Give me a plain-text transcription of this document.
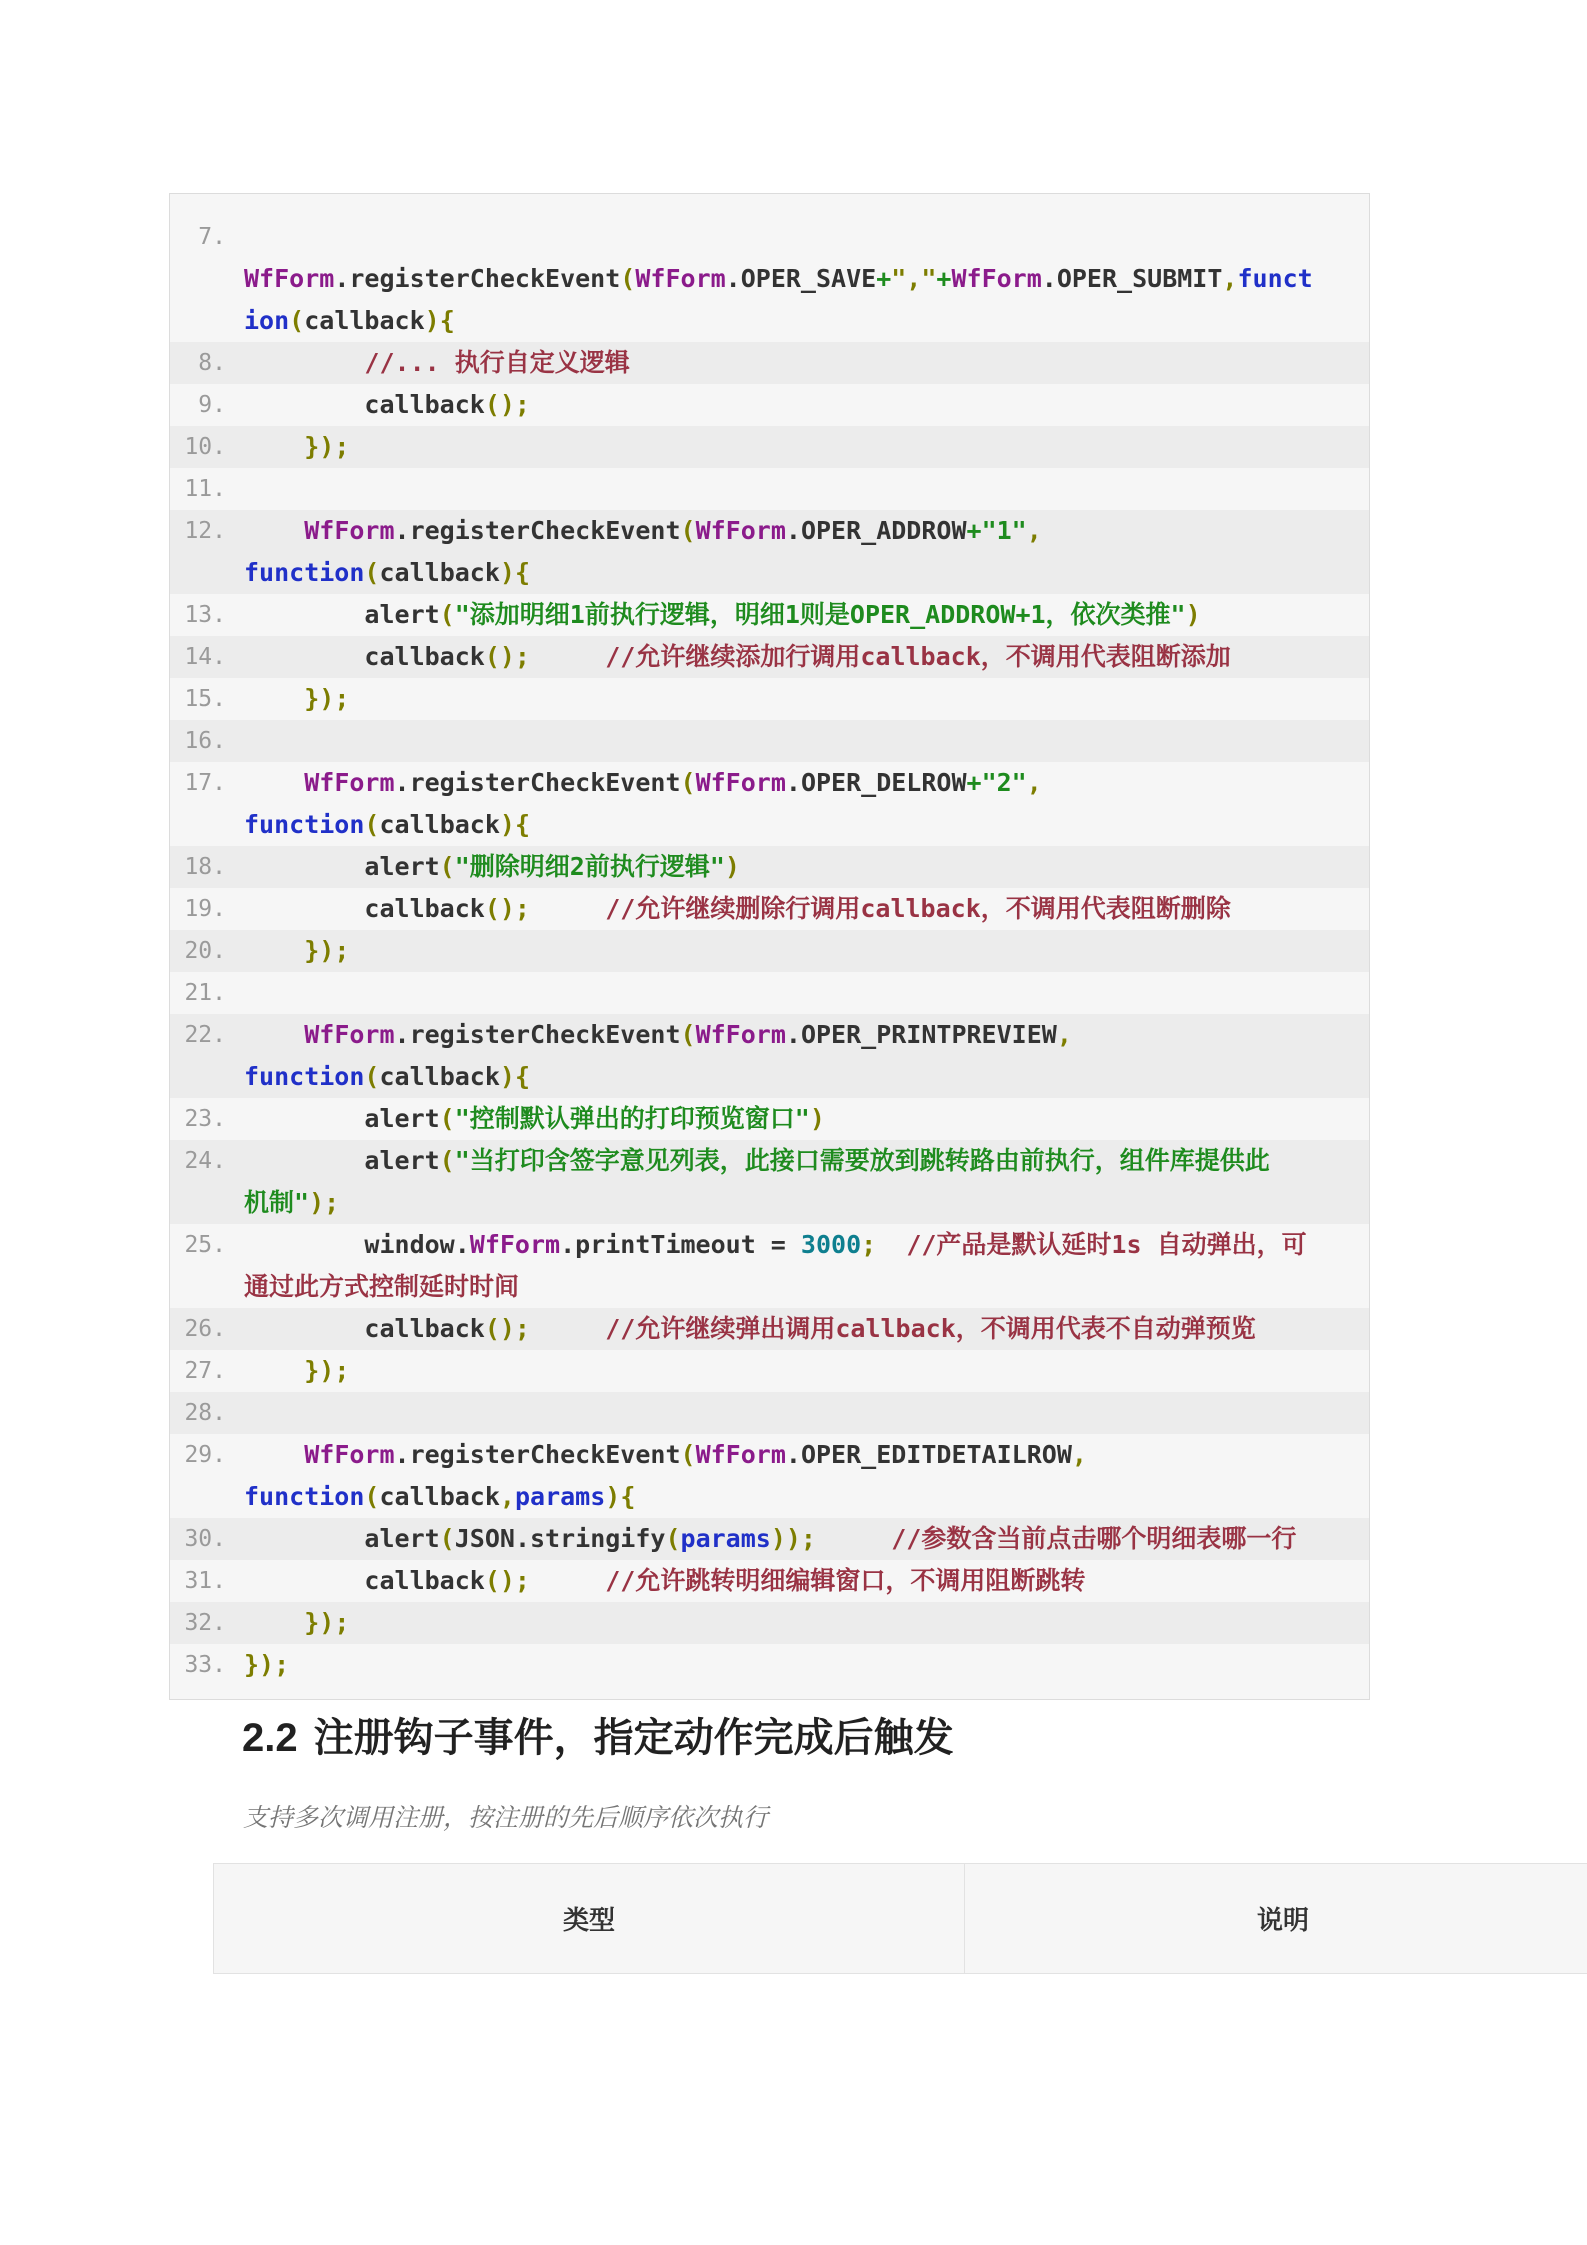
7.
WfForm.registerCheckEvent(WfForm.OPER_SAVE+","+WfForm.OPER_SUBMIT,funct
ion(callback){
8.	//... 执行自定义逻辑
9. callback();
10.	});
11.
12.	WfForm.registerCheckEvent(WfForm.OPER_ADDROW+"1",
function(callback){
13. alert("添加明细1前执行逻辑，明细1则是OPER_ADDROW+1，依次类推")
14. callback();	//允许继续添加行调用callback，不调用代表阻断添加
15.	});
16.
17.	WfForm.registerCheckEvent(WfForm.OPER_DELROW+"2",
function(callback){
18. alert("删除明细2前执行逻辑")
19. callback();	//允许继续删除行调用callback，不调用代表阻断删除
20.	});
21.
22.	WfForm.registerCheckEvent(WfForm.OPER_PRINTPREVIEW,
function(callback){
23. alert("控制默认弹出的打印预览窗口")
24. alert("当打印含签字意见列表，此接口需要放到跳转路由前执行，组件库提供此
机制");
25. window.WfForm.printTimeout = 3000; //产品是默认延时1s 自动弹出，可
通过此方式控制延时时间
26. callback();	//允许继续弹出调用callback，不调用代表不自动弹预览
27.	});
28.
29.	WfForm.registerCheckEvent(WfForm.OPER_EDITDETAILROW,
function(callback,params){
30. alert(JSON.stringify(params));	//参数含当前点击哪个明细表哪一行
31. callback();	//允许跳转明细编辑窗口，不调用阻断跳转
32.	});
33. });
2.2 注册钩子事件，指定动作完成后触发

支持多次调用注册，按注册的先后顺序依次执行

类型	说明
